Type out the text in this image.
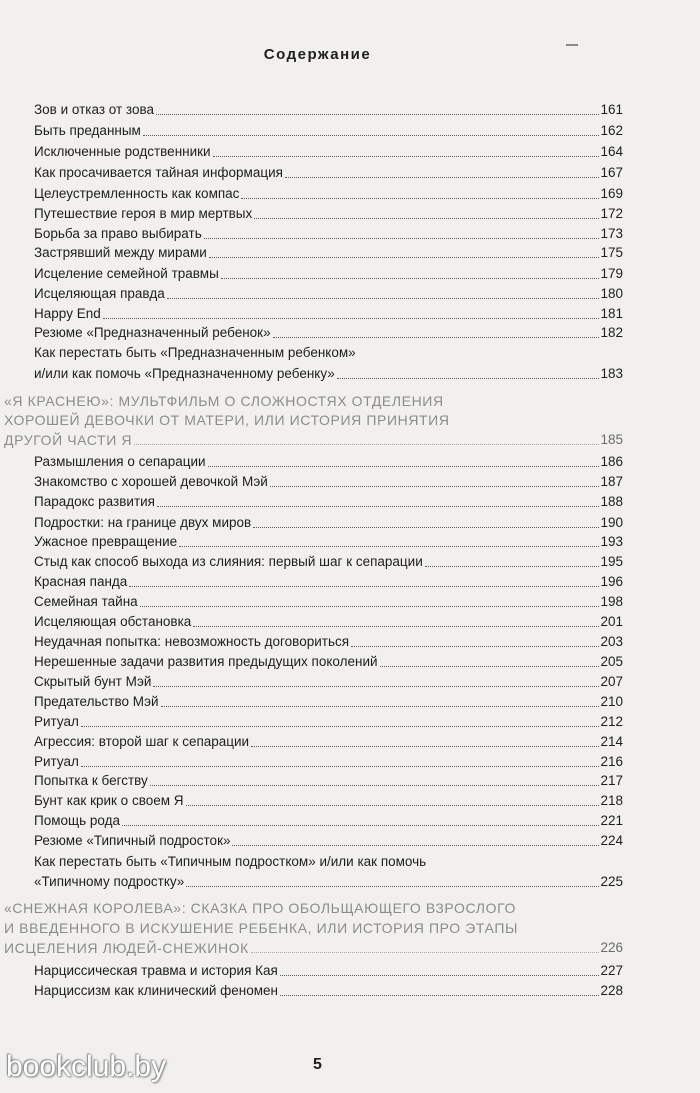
Содержание
Зов и отказ от зова	161
Быть преданным	162
Исключенные родственники	164
Как просачивается тайная информация	167
Целеустремленность как компас	169
Путешествие героя в мир мертвых	172
Борьба за право выбирать	173
Застрявший между мирами	175
Исцеление семейной травмы	179
Исцеляющая правда	180
Happy End	181
Резюме «Предназначенный ребенок»	182
Как перестать быть «Предназначенным ребенком»
и/или как помочь «Предназначенному ребенку»	183
«Я КРАСНЕЮ»: МУЛЬТФИЛЬМ О СЛОЖНОСТЯХ ОТДЕЛЕНИЯ
ХОРОШЕЙ ДЕВОЧКИ ОТ МАТЕРИ, ИЛИ ИСТОРИЯ ПРИНЯТИЯ
ДРУГОЙ ЧАСТИ Я	185
Размышления о сепарации	186
Знакомство с хорошей девочкой Мэй	187
Парадокс развития	188
Подростки: на границе двух миров	190
Ужасное превращение	193
Стыд как способ выхода из слияния: первый шаг к сепарации	195
Красная панда	196
Семейная тайна	198
Исцеляющая обстановка	201
Неудачная попытка: невозможность договориться	203
Нерешенные задачи развития предыдущих поколений	205
Скрытый бунт Мэй	207
Предательство Мэй	210
Ритуал	212
Агрессия: второй шаг к сепарации	214
Ритуал	216
Попытка к бегству	217
Бунт как крик о своем Я	218
Помощь рода	221
Резюме «Типичный подросток»	224
Как перестать быть «Типичным подростком» и/или как помочь
«Типичному подростку»	225
«СНЕЖНАЯ КОРОЛЕВА»: СКАЗКА ПРО ОБОЛЬЩАЮЩЕГО ВЗРОСЛОГО
И ВВЕДЕННОГО В ИСКУШЕНИЕ РЕБЕНКА, ИЛИ ИСТОРИЯ ПРО ЭТАПЫ
ИСЦЕЛЕНИЯ ЛЮДЕЙ-СНЕЖИНОК	226
Нарциссическая травма и история Кая	227
Нарциссизм как клинический феномен	228
5
bookclub.by
